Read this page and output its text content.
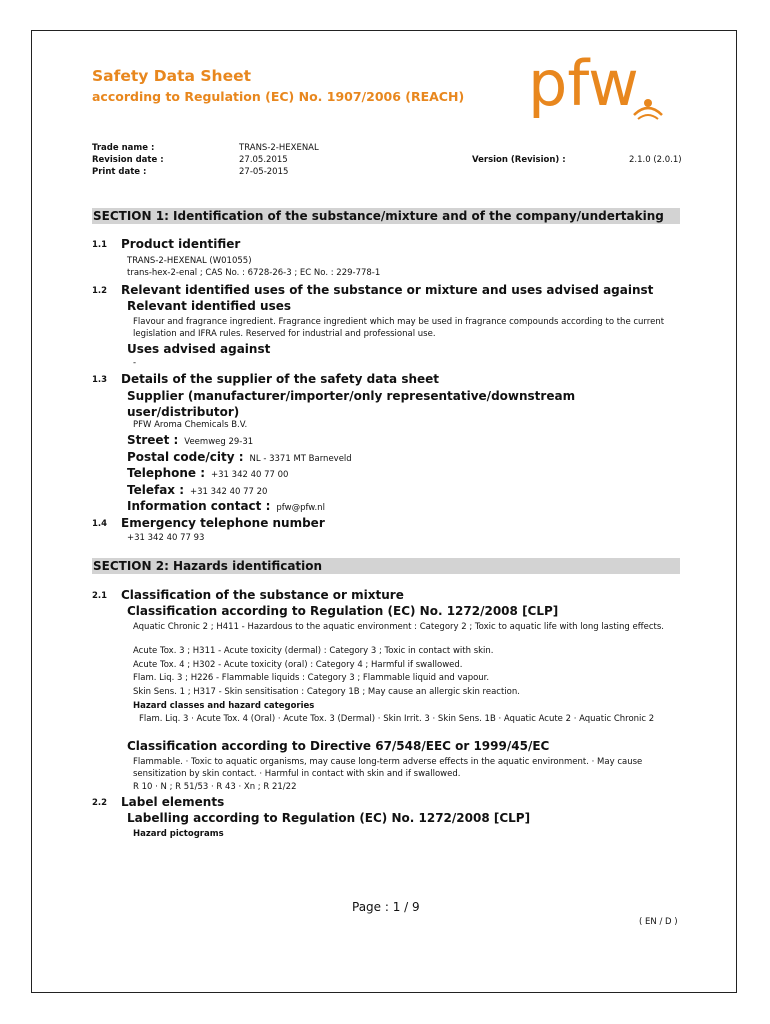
Safety Data Sheet
according to Regulation (EC) No. 1907/2006 (REACH) pfw
Trade name :
Revision date :
Print date :
TRANS-2-HEXENAL
27.05.2015
27-05-2015
Version (Revision) :	2.1.0 (2.0.1)
SECTION 1: Identification of the substance/mixture and of the company/undertaking
1.1 Product identifier
TRANS-2-HEXENAL (W01055)
trans-hex-2-enal ; CAS No. : 6728-26-3 ; EC No. : 229-778-1
1.2 Relevant identified uses of the substance or mixture and uses advised against
Relevant identified uses
Flavour and fragrance ingredient. Fragrance ingredient which may be used in fragrance compounds according to the current legislation and IFRA rules. Reserved for industrial and professional use.
Uses advised against
-
1.3 Details of the supplier of the safety data sheet
Supplier (manufacturer/importer/only representative/downstream user/distributor)
PFW Aroma Chemicals B.V.
Street : Veemweg 29-31
Postal code/city : NL - 3371 MT Barneveld
Telephone : +31 342 40 77 00
Telefax : +31 342 40 77 20
Information contact : pfw@pfw.nl
1.4 Emergency telephone number
+31 342 40 77 93
SECTION 2: Hazards identification
2.1 Classification of the substance or mixture
Classification according to Regulation (EC) No. 1272/2008 [CLP]
Aquatic Chronic 2 ; H411 - Hazardous to the aquatic environment : Category 2 ; Toxic to aquatic life with long lasting effects.
Acute Tox. 3 ; H311 - Acute toxicity (dermal) : Category 3 ; Toxic in contact with skin.
Acute Tox. 4 ; H302 - Acute toxicity (oral) : Category 4 ; Harmful if swallowed.
Flam. Liq. 3 ; H226 - Flammable liquids : Category 3 ; Flammable liquid and vapour.
Skin Sens. 1 ; H317 - Skin sensitisation : Category 1B ; May cause an allergic skin reaction.
Hazard classes and hazard categories
Flam. Liq. 3 · Acute Tox. 4 (Oral) · Acute Tox. 3 (Dermal) · Skin Irrit. 3 · Skin Sens. 1B · Aquatic Acute 2 · Aquatic Chronic 2
Classification according to Directive 67/548/EEC or 1999/45/EC
Flammable. · Toxic to aquatic organisms, may cause long-term adverse effects in the aquatic environment. · May cause sensitization by skin contact. · Harmful in contact with skin and if swallowed.
R 10 · N ; R 51/53 · R 43 · Xn ; R 21/22
2.2 Label elements
Labelling according to Regulation (EC) No. 1272/2008 [CLP]
Hazard pictograms
Page : 1 / 9
( EN / D )
